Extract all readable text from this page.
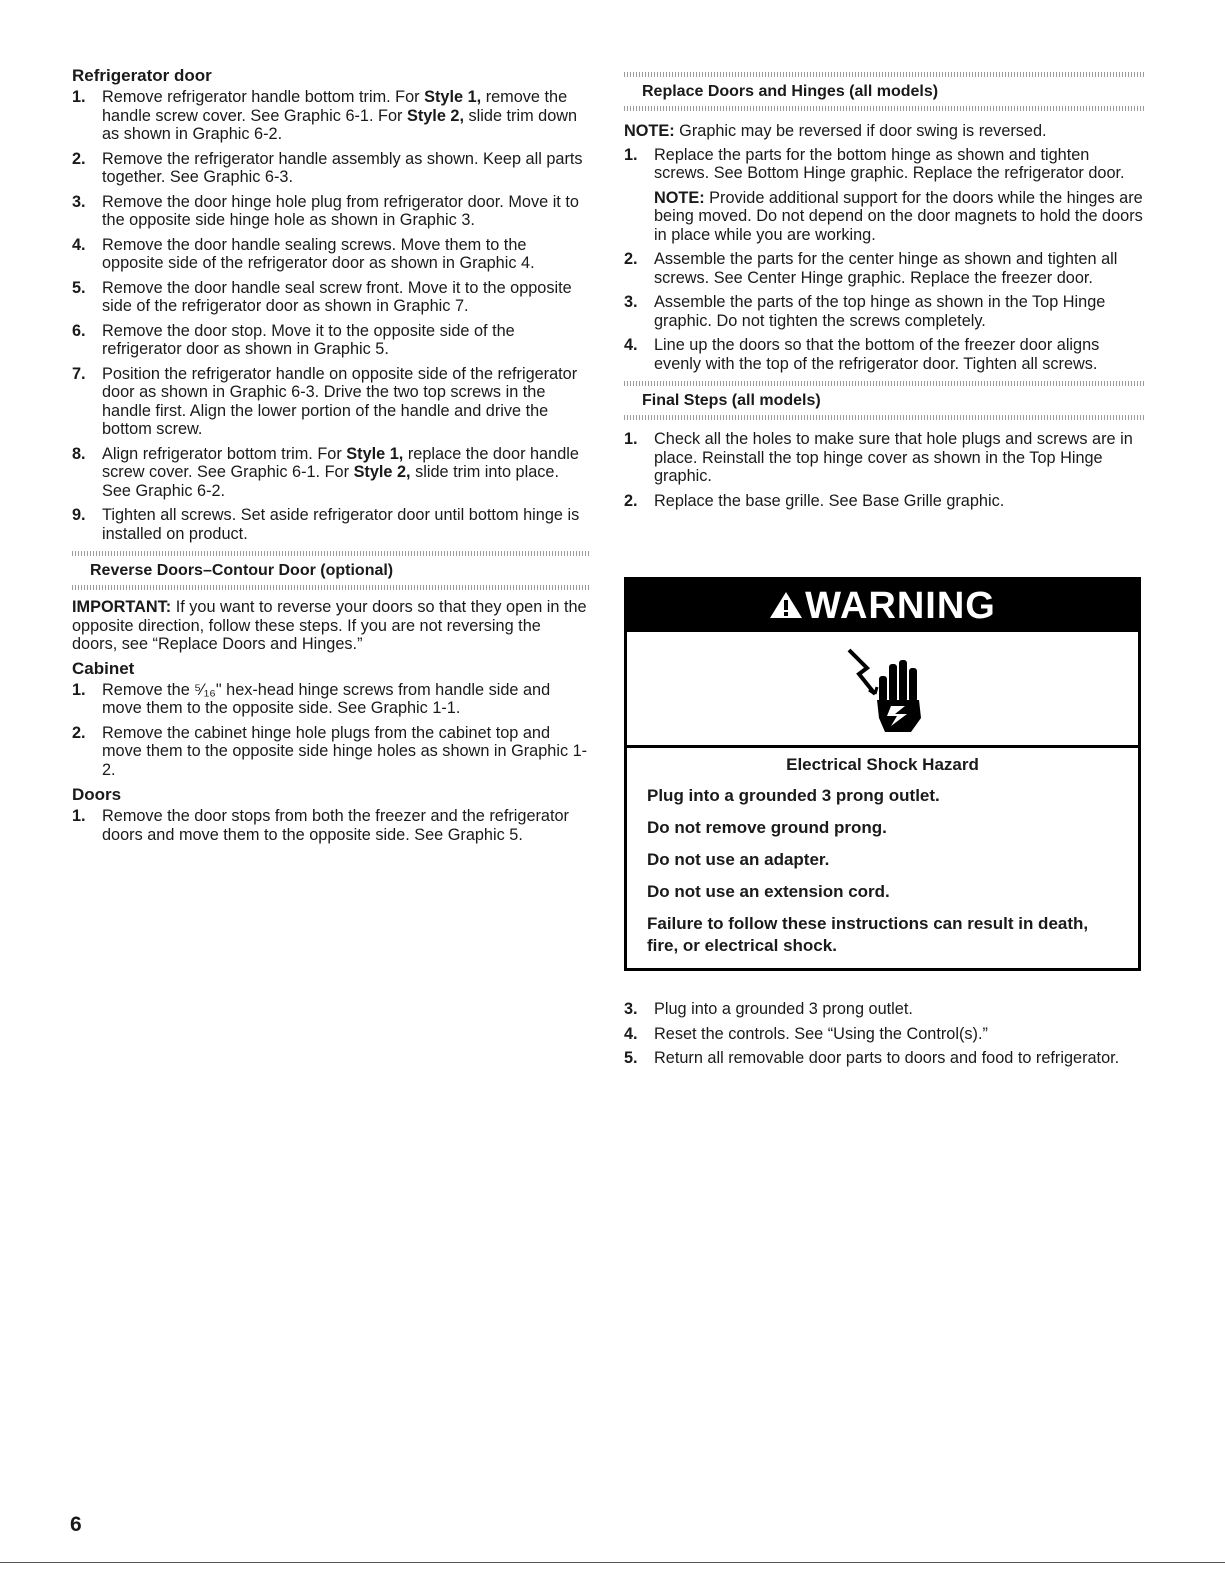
Refrigerator door
1. Remove refrigerator handle bottom trim. For Style 1, remove the handle screw cover. See Graphic 6-1. For Style 2, slide trim down as shown in Graphic 6-2.
2. Remove the refrigerator handle assembly as shown. Keep all parts together. See Graphic 6-3.
3. Remove the door hinge hole plug from refrigerator door. Move it to the opposite side hinge hole as shown in Graphic 3.
4. Remove the door handle sealing screws. Move them to the opposite side of the refrigerator door as shown in Graphic 4.
5. Remove the door handle seal screw front. Move it to the opposite side of the refrigerator door as shown in Graphic 7.
6. Remove the door stop. Move it to the opposite side of the refrigerator door as shown in Graphic 5.
7. Position the refrigerator handle on opposite side of the refrigerator door as shown in Graphic 6-3. Drive the two top screws in the handle first. Align the lower portion of the handle and drive the bottom screw.
8. Align refrigerator bottom trim. For Style 1, replace the door handle screw cover. See Graphic 6-1. For Style 2, slide trim into place. See Graphic 6-2.
9. Tighten all screws. Set aside refrigerator door until bottom hinge is installed on product.
Reverse Doors–Contour Door (optional)

IMPORTANT: If you want to reverse your doors so that they open in the opposite direction, follow these steps. If you are not reversing the doors, see “Replace Doors and Hinges.”

Cabinet
1. Remove the ⁵⁄₁₆" hex-head hinge screws from handle side and move them to the opposite side. See Graphic 1-1.
2. Remove the cabinet hinge hole plugs from the cabinet top and move them to the opposite side hinge holes as shown in Graphic 1-2.
Doors
1. Remove the door stops from both the freezer and the refrigerator doors and move them to the opposite side. See Graphic 5.
Replace Doors and Hinges (all models)

NOTE: Graphic may be reversed if door swing is reversed.

1. Replace the parts for the bottom hinge as shown and tighten screws. See Bottom Hinge graphic. Replace the refrigerator door.
NOTE: Provide additional support for the doors while the hinges are being moved. Do not depend on the door magnets to hold the doors in place while you are working.
2. Assemble the parts for the center hinge as shown and tighten all screws. See Center Hinge graphic. Replace the freezer door.
3. Assemble the parts of the top hinge as shown in the Top Hinge graphic. Do not tighten the screws completely.
4. Line up the doors so that the bottom of the freezer door aligns evenly with the top of the refrigerator door. Tighten all screws.
Final Steps (all models)
1. Check all the holes to make sure that hole plugs and screws are in place. Reinstall the top hinge cover as shown in the Top Hinge graphic.
2. Replace the base grille. See Base Grille graphic.
WARNING
Electrical Shock Hazard

Plug into a grounded 3 prong outlet.

Do not remove ground prong.

Do not use an adapter.

Do not use an extension cord.

Failure to follow these instructions can result in death, fire, or electrical shock.

3. Plug into a grounded 3 prong outlet.
4. Reset the controls. See “Using the Control(s).”
5. Return all removable door parts to doors and food to refrigerator.
6
